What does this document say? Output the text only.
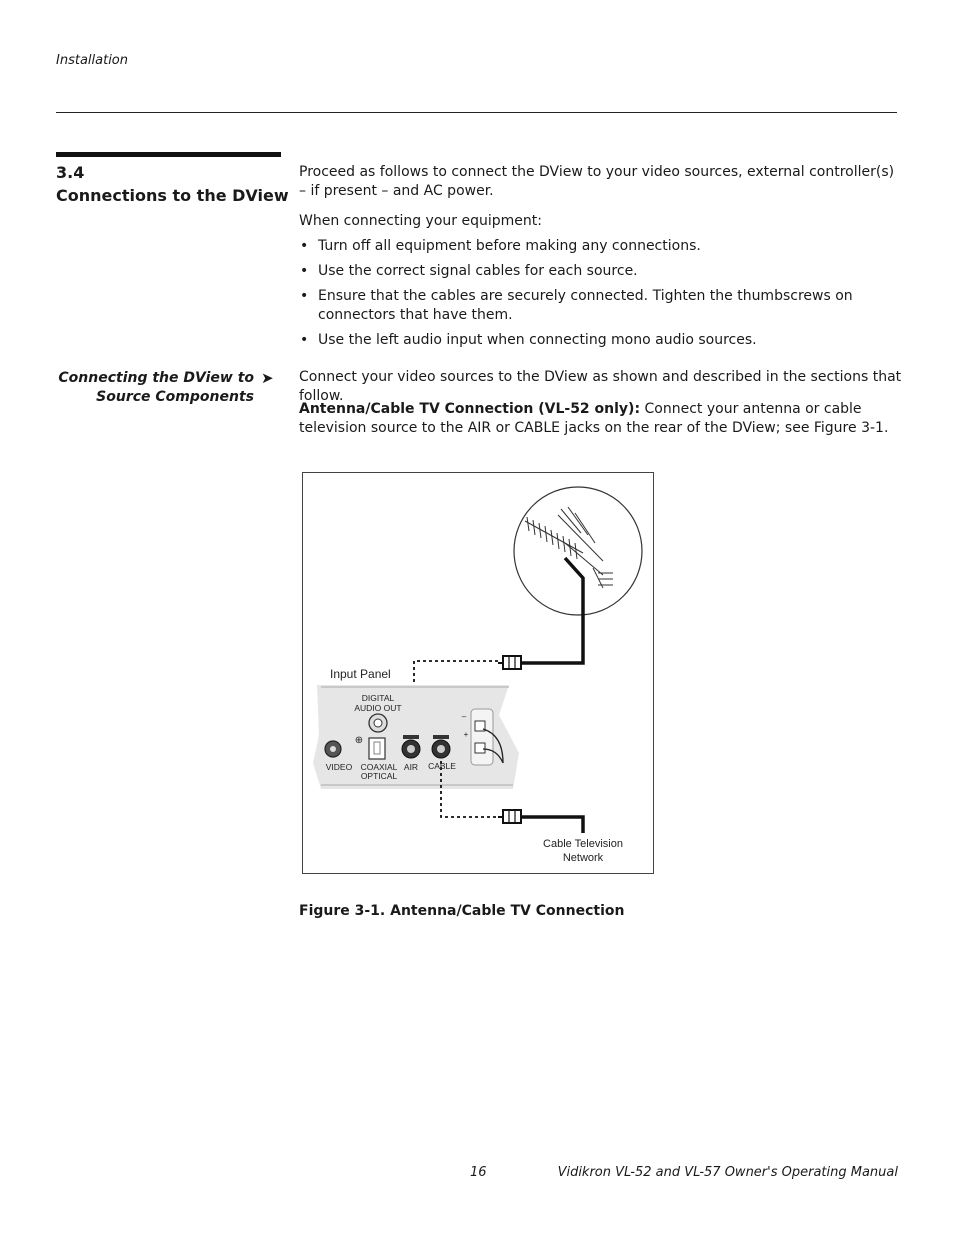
Installation
3.4
Connections to the DView
Proceed as follows to connect the DView to your video sources, external controller(s) – if present – and AC power.
When connecting your equipment:
• Turn off all equipment before making any connections.
• Use the correct signal cables for each source.
• Ensure that the cables are securely connected. Tighten the thumbscrews on connectors that have them.
• Use the left audio input when connecting mono audio sources.
Connecting the DView to
Source Components
➤ Connect your video sources to the DView as shown and described in the sections that follow.
Antenna/Cable TV Connection (VL-52 only): Connect your antenna or cable television source to the AIR or CABLE jacks on the rear of the DView; see Figure 3-1.
Input Panel
DIGITAL
AUDIO OUT
⊕
VIDEO COAXIAL
OPTICAL
AIR CABLE
–
+
Cable Television
Network
Figure 3-1. Antenna/Cable TV Connection
16	Vidikron VL-52 and VL-57 Owner's Operating Manual
